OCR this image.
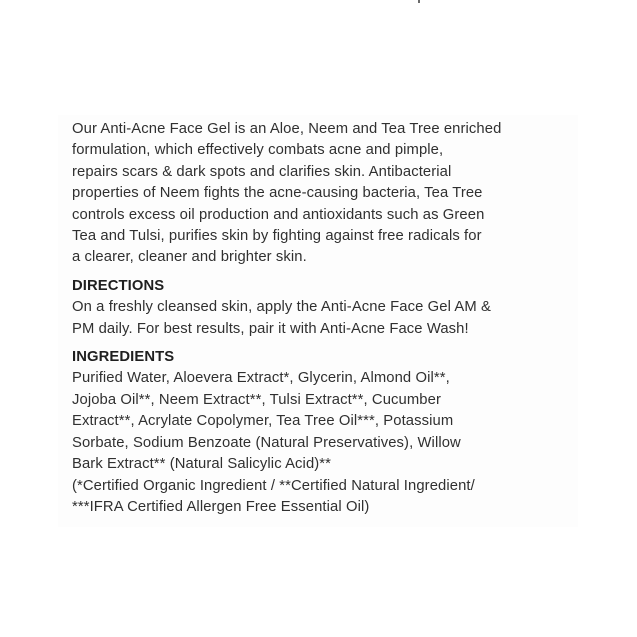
Our Anti-Acne Face Gel is an Aloe, Neem and Tea Tree enriched
formulation, which effectively combats acne and pimple,
repairs scars & dark spots and clarifies skin. Antibacterial
properties of Neem fights the acne-causing bacteria, Tea Tree
controls excess oil production and antioxidants such as Green
Tea and Tulsi, purifies skin by fighting against free radicals for
a clearer, cleaner and brighter skin.

DIRECTIONS

On a freshly cleansed skin, apply the Anti-Acne Face Gel AM &
PM daily. For best results, pair it with Anti-Acne Face Wash!

INGREDIENTS

Purified Water, Aloevera Extract*, Glycerin, Almond Oil**,
Jojoba Oil**, Neem Extract**, Tulsi Extract**, Cucumber
Extract**, Acrylate Copolymer, Tea Tree Oil***, Potassium
Sorbate, Sodium Benzoate (Natural Preservatives), Willow
Bark Extract** (Natural Salicylic Acid)**
(*Certified Organic Ingredient / **Certified Natural Ingredient/
***IFRA Certified Allergen Free Essential Oil)
